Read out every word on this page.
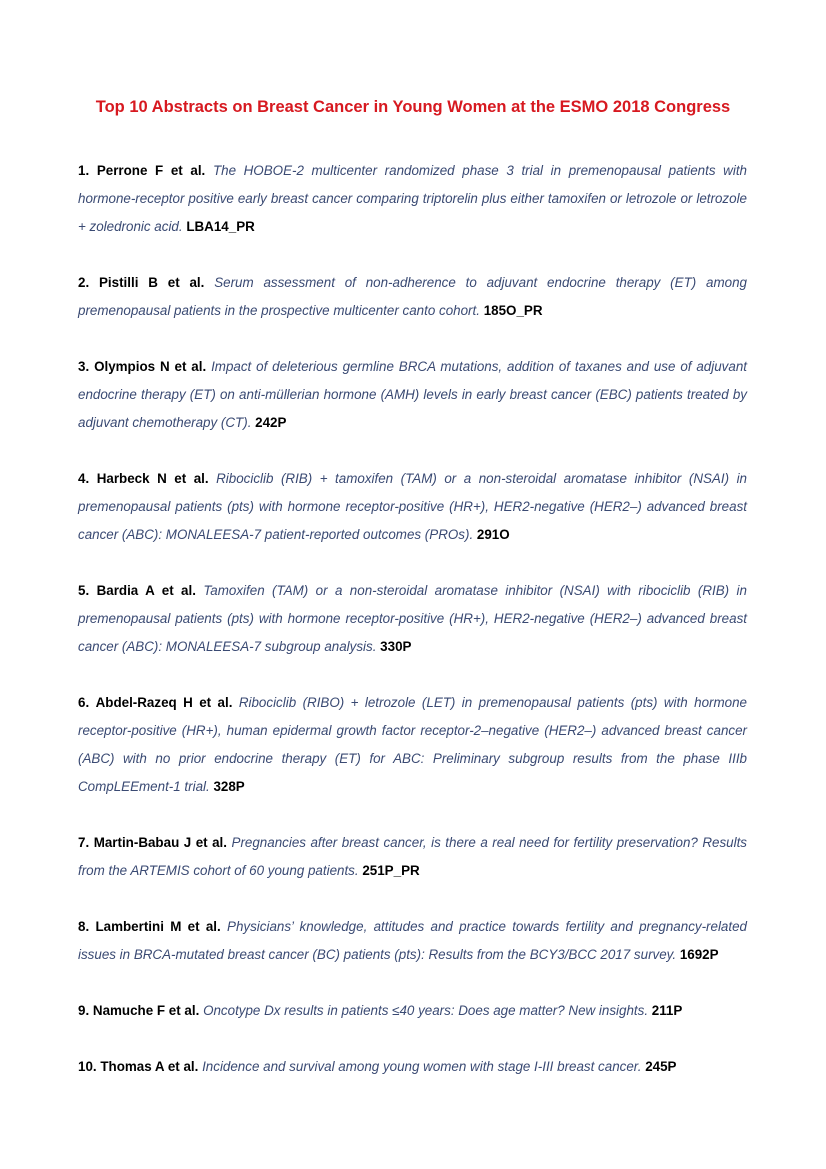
Top 10 Abstracts on Breast Cancer in Young Women at the ESMO 2018 Congress

1. Perrone F et al. The HOBOE-2 multicenter randomized phase 3 trial in premenopausal patients with hormone-receptor positive early breast cancer comparing triptorelin plus either tamoxifen or letrozole or letrozole + zoledronic acid. LBA14_PR

2. Pistilli B et al. Serum assessment of non-adherence to adjuvant endocrine therapy (ET) among premenopausal patients in the prospective multicenter canto cohort. 185O_PR

3. Olympios N et al. Impact of deleterious germline BRCA mutations, addition of taxanes and use of adjuvant endocrine therapy (ET) on anti-müllerian hormone (AMH) levels in early breast cancer (EBC) patients treated by adjuvant chemotherapy (CT). 242P

4. Harbeck N et al. Ribociclib (RIB) + tamoxifen (TAM) or a non-steroidal aromatase inhibitor (NSAI) in premenopausal patients (pts) with hormone receptor-positive (HR+), HER2-negative (HER2–) advanced breast cancer (ABC): MONALEESA-7 patient-reported outcomes (PROs). 291O

5. Bardia A et al. Tamoxifen (TAM) or a non-steroidal aromatase inhibitor (NSAI) with ribociclib (RIB) in premenopausal patients (pts) with hormone receptor-positive (HR+), HER2-negative (HER2–) advanced breast cancer (ABC): MONALEESA-7 subgroup analysis. 330P

6. Abdel-Razeq H et al. Ribociclib (RIBO) + letrozole (LET) in premenopausal patients (pts) with hormone receptor-positive (HR+), human epidermal growth factor receptor-2–negative (HER2–) advanced breast cancer (ABC) with no prior endocrine therapy (ET) for ABC: Preliminary subgroup results from the phase IIIb CompLEEment-1 trial. 328P

7. Martin-Babau J et al. Pregnancies after breast cancer, is there a real need for fertility preservation? Results from the ARTEMIS cohort of 60 young patients. 251P_PR

8. Lambertini M et al. Physicians’ knowledge, attitudes and practice towards fertility and pregnancy-related issues in BRCA-mutated breast cancer (BC) patients (pts): Results from the BCY3/BCC 2017 survey. 1692P

9. Namuche F et al. Oncotype Dx results in patients ≤40 years: Does age matter? New insights. 211P

10. Thomas A et al. Incidence and survival among young women with stage I-III breast cancer. 245P
